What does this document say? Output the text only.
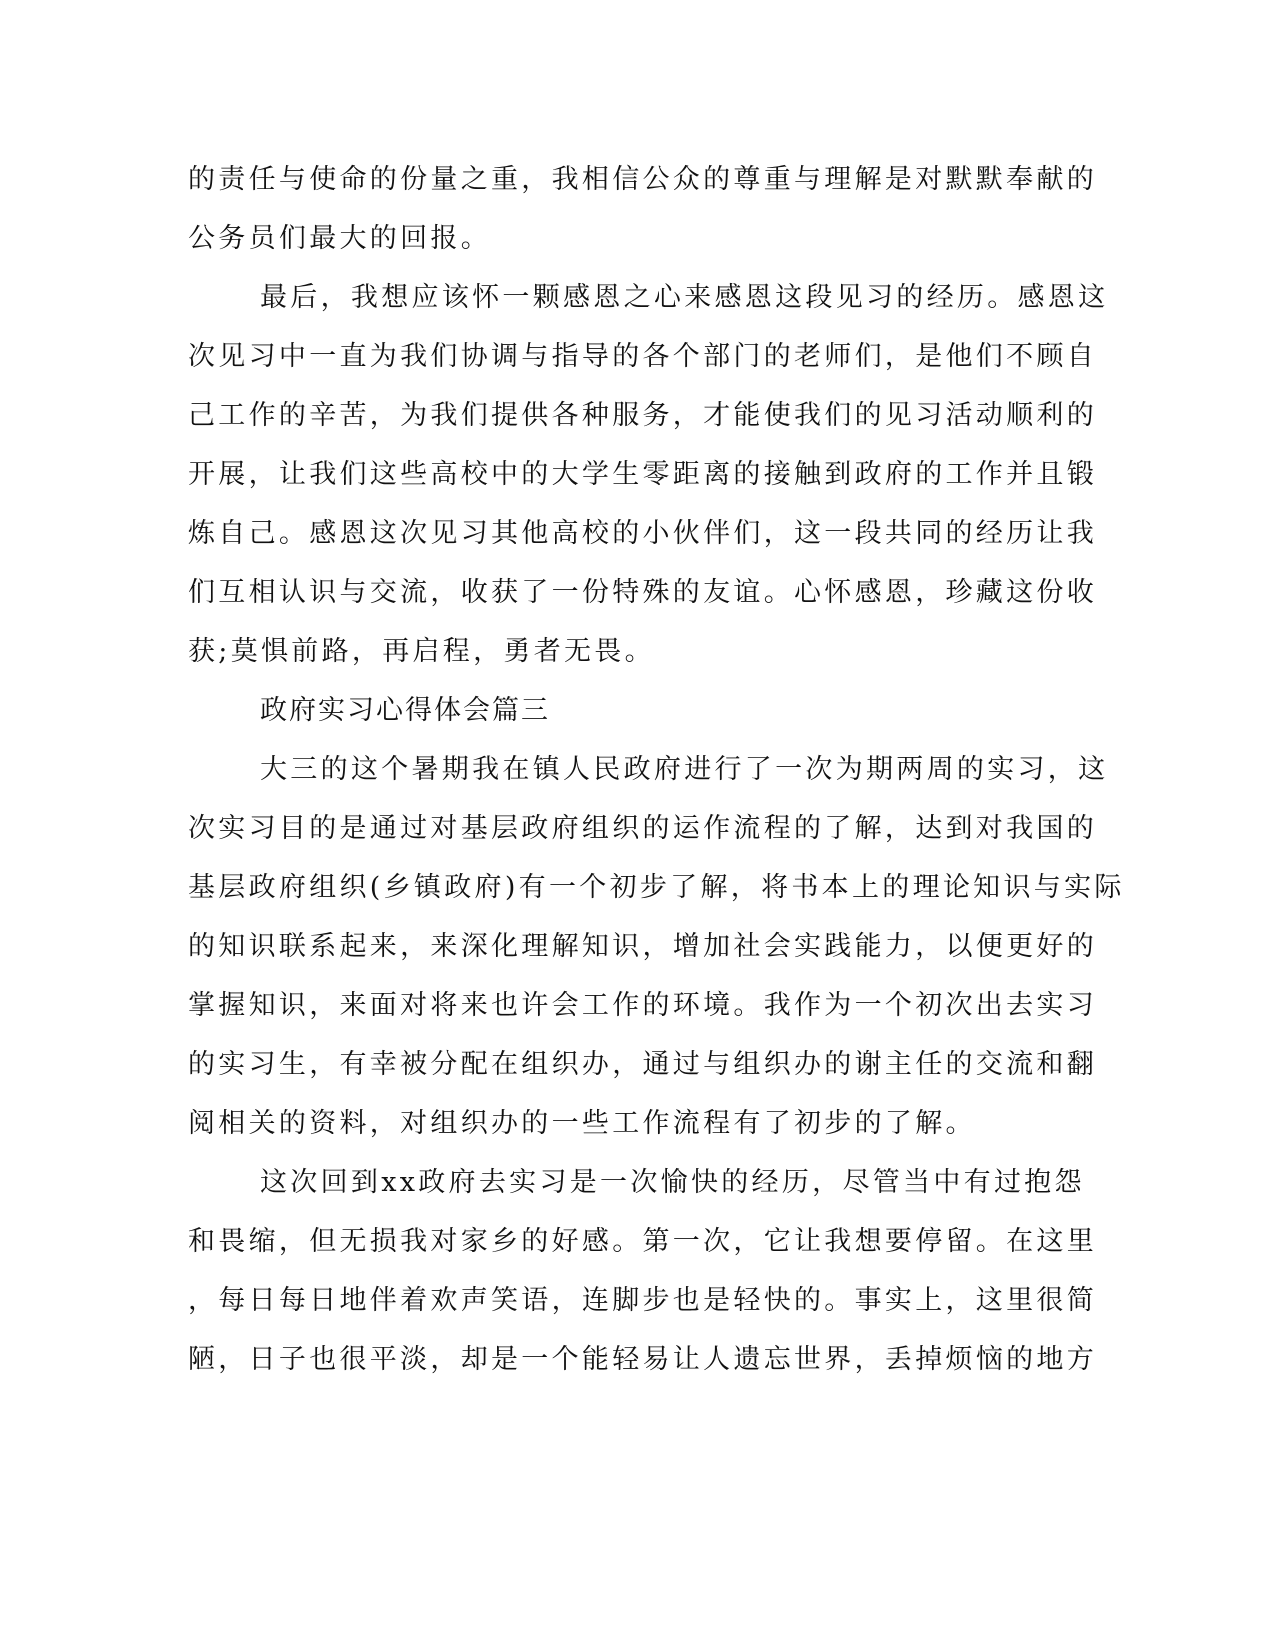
的责任与使命的份量之重，我相信公众的尊重与理解是对默默奉献的
公务员们最大的回报。
最后，我想应该怀一颗感恩之心来感恩这段见习的经历。感恩这
次见习中一直为我们协调与指导的各个部门的老师们，是他们不顾自
己工作的辛苦，为我们提供各种服务，才能使我们的见习活动顺利的
开展，让我们这些高校中的大学生零距离的接触到政府的工作并且锻
炼自己。感恩这次见习其他高校的小伙伴们，这一段共同的经历让我
们互相认识与交流，收获了一份特殊的友谊。心怀感恩，珍藏这份收
获;莫惧前路，再启程，勇者无畏。
政府实习心得体会篇三
大三的这个暑期我在镇人民政府进行了一次为期两周的实习，这
次实习目的是通过对基层政府组织的运作流程的了解，达到对我国的
基层政府组织(乡镇政府)有一个初步了解，将书本上的理论知识与实际
的知识联系起来，来深化理解知识，增加社会实践能力，以便更好的
掌握知识，来面对将来也许会工作的环境。我作为一个初次出去实习
的实习生，有幸被分配在组织办，通过与组织办的谢主任的交流和翻
阅相关的资料，对组织办的一些工作流程有了初步的了解。
这次回到xx政府去实习是一次愉快的经历，尽管当中有过抱怨
和畏缩，但无损我对家乡的好感。第一次，它让我想要停留。在这里
，每日每日地伴着欢声笑语，连脚步也是轻快的。事实上，这里很简
陋，日子也很平淡，却是一个能轻易让人遗忘世界，丢掉烦恼的地方
